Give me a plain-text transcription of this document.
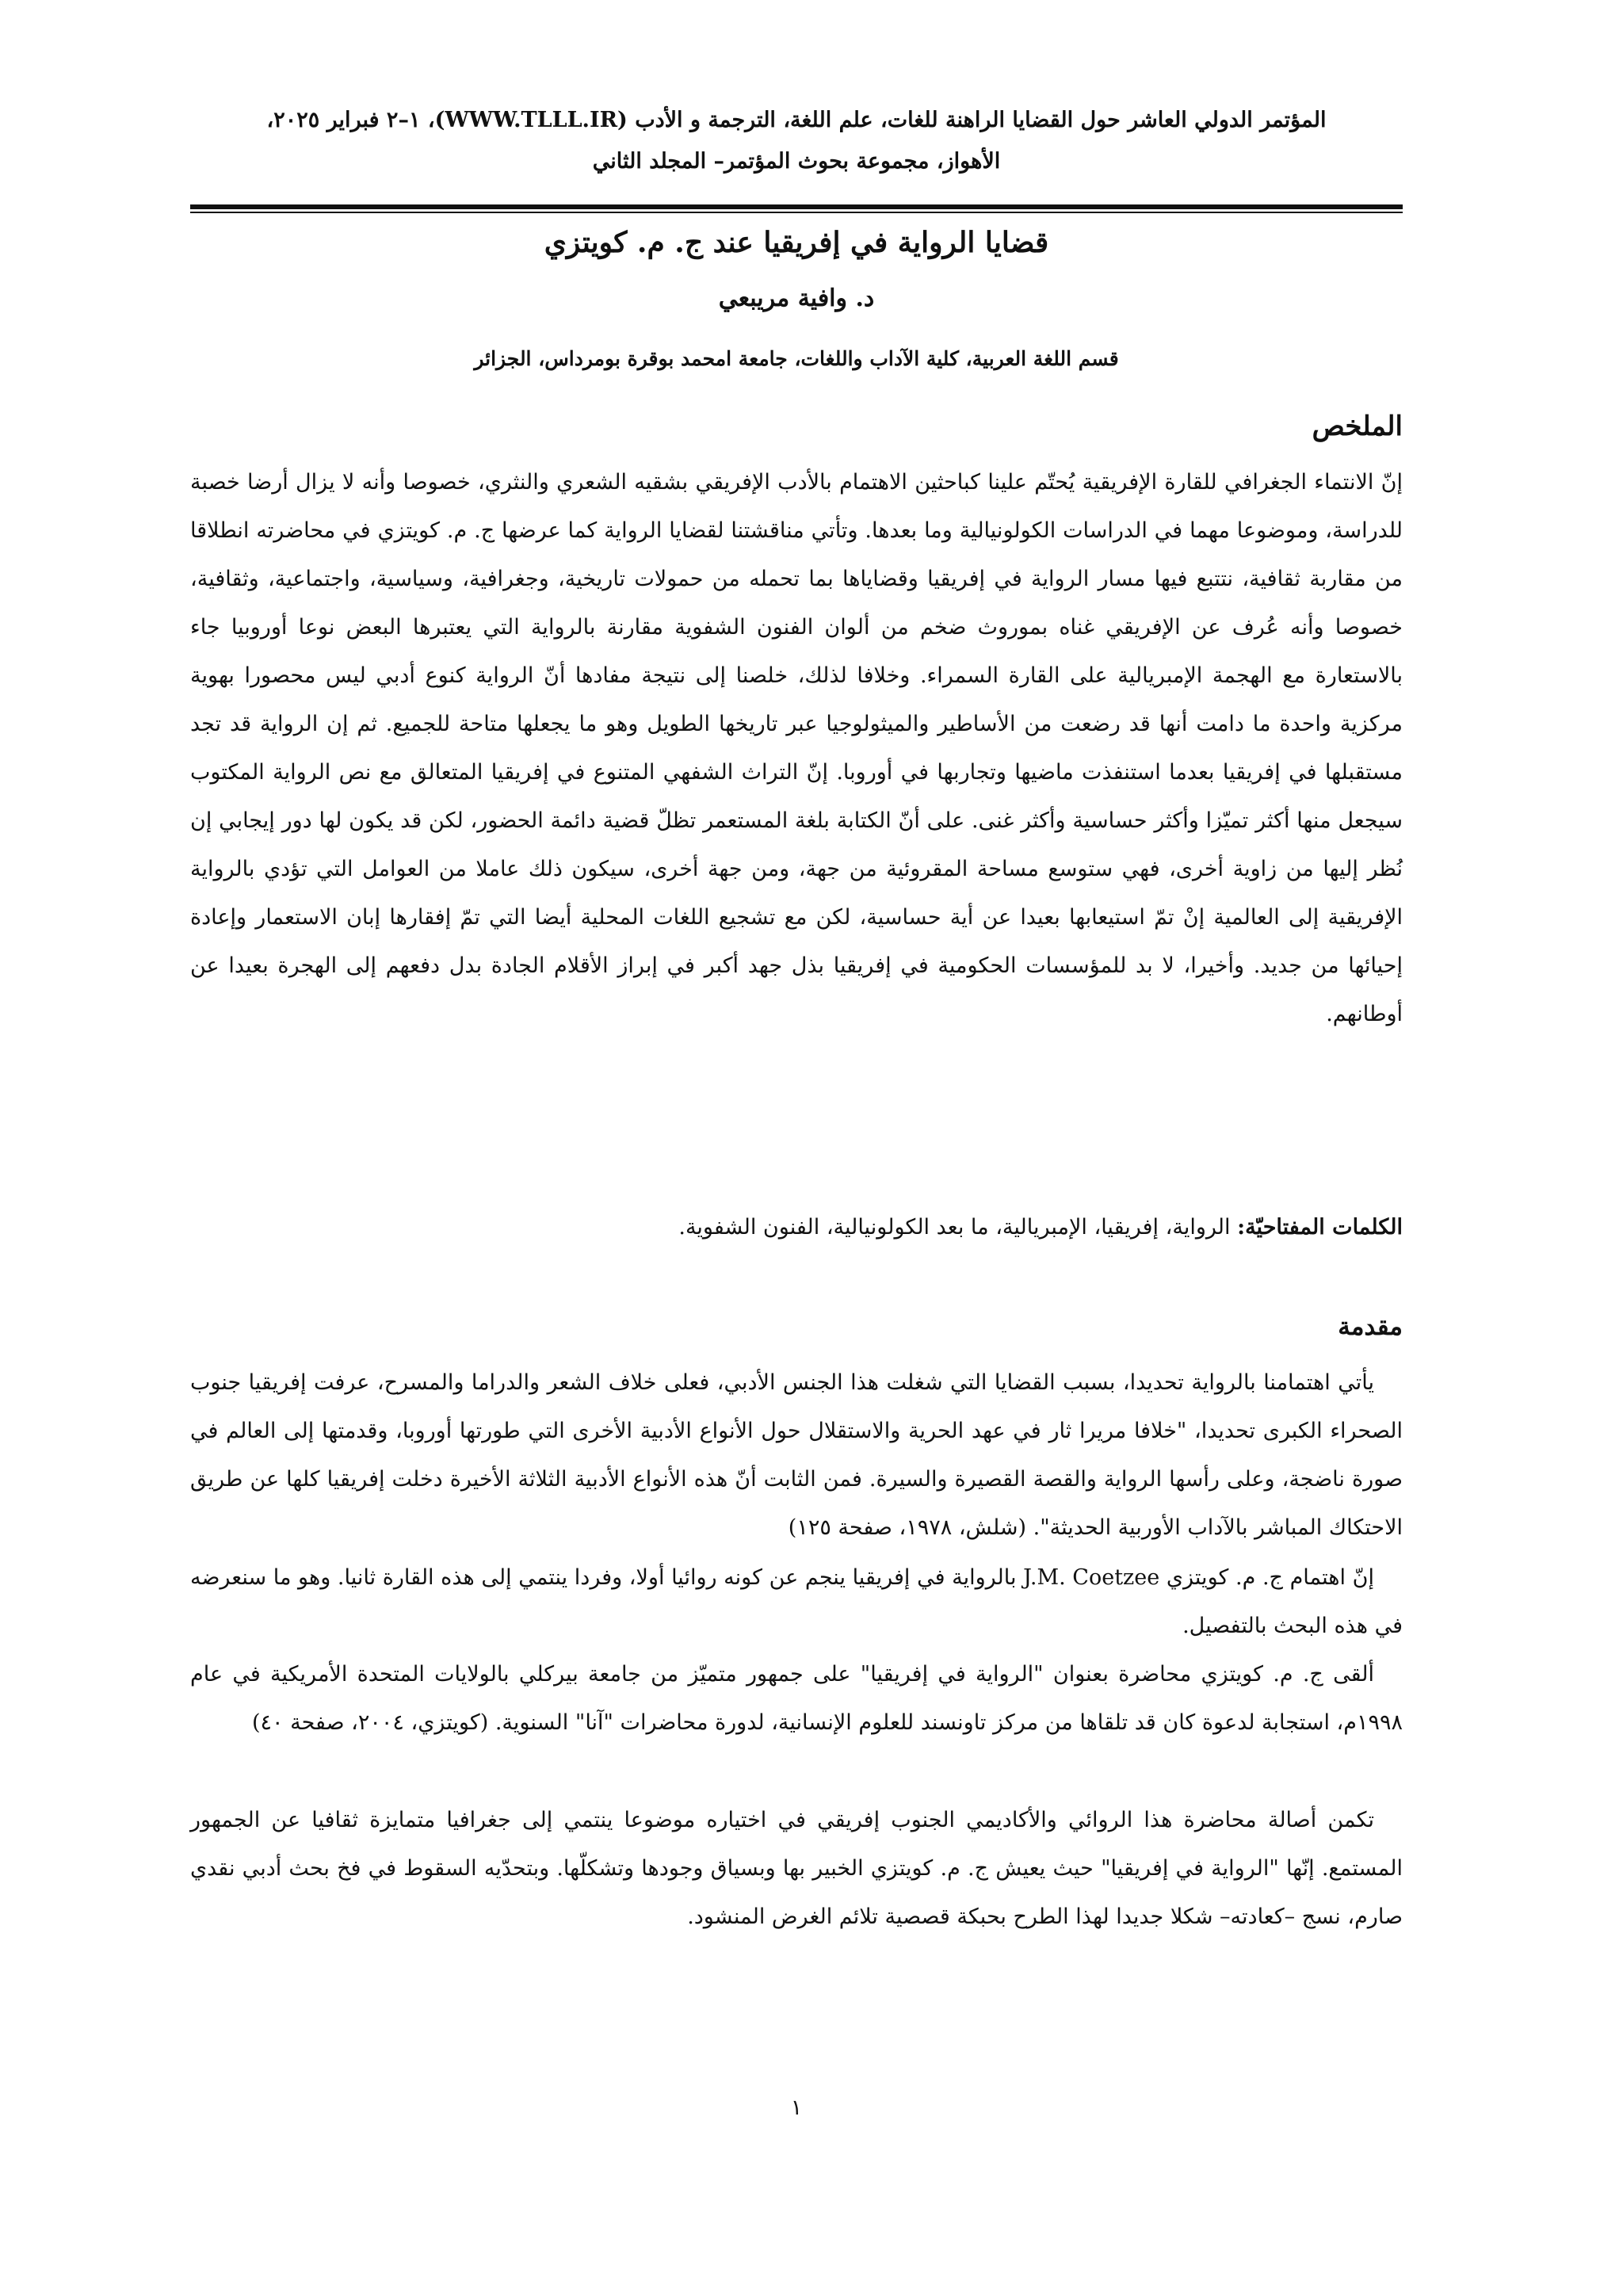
المؤتمر الدولي العاشر حول القضايا الراهنة للغات، علم اللغة، الترجمة و الأدب (WWW.TLLL.IR)، ١–٢ فبراير ٢٠٢٥،
الأهواز، مجموعة بحوث المؤتمر– المجلد الثاني
قضايا الرواية في إفريقيا عند ج. م. كويتزي
د. وافية مريبعي
قسم اللغة العربية، كلية الآداب واللغات، جامعة امحمد بوقرة بومرداس، الجزائر
الملخص

إنّ الانتماء الجغرافي للقارة الإفريقية يُحتّم علينا كباحثين الاهتمام بالأدب الإفريقي بشقيه الشعري والنثري، خصوصا وأنه لا يزال أرضا خصبة للدراسة، وموضوعا مهما في الدراسات الكولونيالية وما بعدها. وتأتي مناقشتنا لقضايا الرواية كما عرضها ج. م. كويتزي في محاضرته انطلاقا من مقاربة ثقافية، نتتبع فيها مسار الرواية في إفريقيا وقضاياها بما تحمله من حمولات تاريخية، وجغرافية، وسياسية، واجتماعية، وثقافية، خصوصا وأنه عُرف عن الإفريقي غناه بموروث ضخم من ألوان الفنون الشفوية مقارنة بالرواية التي يعتبرها البعض نوعا أوروبيا جاء بالاستعارة مع الهجمة الإمبريالية على القارة السمراء. وخلافا لذلك، خلصنا إلى نتيجة مفادها أنّ الرواية كنوع أدبي ليس محصورا بهوية مركزية واحدة ما دامت أنها قد رضعت من الأساطير والميثولوجيا عبر تاريخها الطويل وهو ما يجعلها متاحة للجميع. ثم إن الرواية قد تجد مستقبلها في إفريقيا بعدما استنفذت ماضيها وتجاربها في أوروبا. إنّ التراث الشفهي المتنوع في إفريقيا المتعالق مع نص الرواية المكتوب سيجعل منها أكثر تميّزا وأكثر حساسية وأكثر غنى. على أنّ الكتابة بلغة المستعمر تظلّ قضية دائمة الحضور، لكن قد يكون لها دور إيجابي إن نُظر إليها من زاوية أخرى، فهي ستوسع مساحة المقروئية من جهة، ومن جهة أخرى، سيكون ذلك عاملا من العوامل التي تؤدي بالرواية الإفريقية إلى العالمية إنْ تمّ استيعابها بعيدا عن أية حساسية، لكن مع تشجيع اللغات المحلية أيضا التي تمّ إفقارها إبان الاستعمار وإعادة إحيائها من جديد. وأخيرا، لا بد للمؤسسات الحكومية في إفريقيا بذل جهد أكبر في إبراز الأقلام الجادة بدل دفعهم إلى الهجرة بعيدا عن أوطانهم.

الكلمات المفتاحيّة: الرواية، إفريقيا، الإمبريالية، ما بعد الكولونيالية، الفنون الشفوية.
مقدمة

يأتي اهتمامنا بالرواية تحديدا، بسبب القضايا التي شغلت هذا الجنس الأدبي، فعلى خلاف الشعر والدراما والمسرح، عرفت إفريقيا جنوب الصحراء الكبرى تحديدا، "خلافا مريرا ثار في عهد الحرية والاستقلال حول الأنواع الأدبية الأخرى التي طورتها أوروبا، وقدمتها إلى العالم في صورة ناضجة، وعلى رأسها الرواية والقصة القصيرة والسيرة. فمن الثابت أنّ هذه الأنواع الأدبية الثلاثة الأخيرة دخلت إفريقيا كلها عن طريق الاحتكاك المباشر بالآداب الأوربية الحديثة". (شلش، ١٩٧٨، صفحة ١٢٥)

إنّ اهتمام ج. م. كويتزي J.M. Coetzee بالرواية في إفريقيا ينجم عن كونه روائيا أولا، وفردا ينتمي إلى هذه القارة ثانيا. وهو ما سنعرضه في هذه البحث بالتفصيل.

ألقى ج. م. كويتزي محاضرة بعنوان "الرواية في إفريقيا" على جمهور متميّز من جامعة بيركلي بالولايات المتحدة الأمريكية في عام ١٩٩٨م، استجابة لدعوة كان قد تلقاها من مركز تاونسند للعلوم الإنسانية، لدورة محاضرات "آنا" السنوية. (كويتزي، ٢٠٠٤، صفحة ٤٠)

تكمن أصالة محاضرة هذا الروائي والأكاديمي الجنوب إفريقي في اختياره موضوعا ينتمي إلى جغرافيا متمايزة ثقافيا عن الجمهور المستمع. إنّها "الرواية في إفريقيا" حيث يعيش ج. م. كويتزي الخبير بها وبسياق وجودها وتشكلّها. وبتحدّيه السقوط في فخ بحث أدبي نقدي صارم، نسج –كعادته– شكلا جديدا لهذا الطرح بحبكة قصصية تلائم الغرض المنشود.

١
